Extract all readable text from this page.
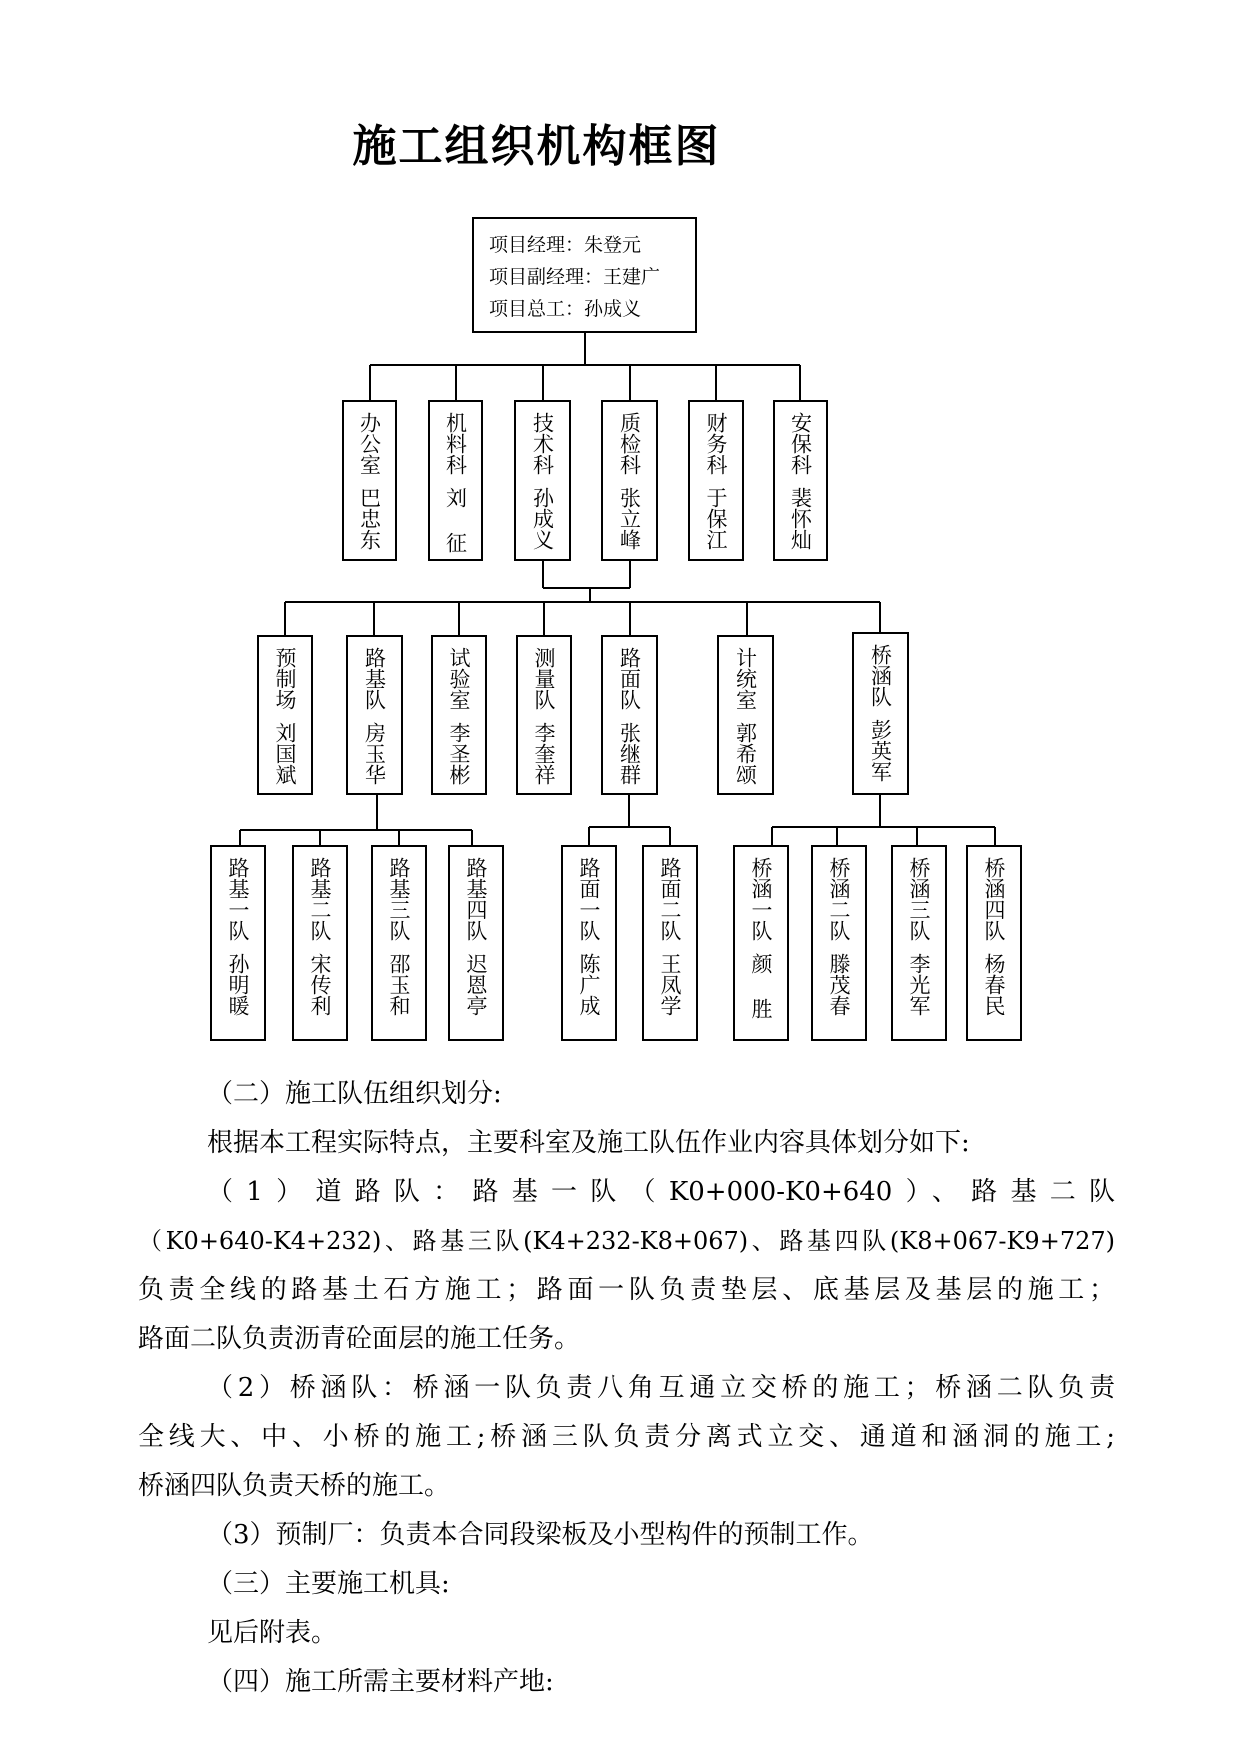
施工组织机构框图
项目经理：朱登元
项目副经理：王建广
项目总工：孙成义
办公室
巴忠东
机料科
刘 征
技术科
孙成义
质检科
张立峰
财务科
于保江
安保科
裴怀灿
预制场
刘国斌
路基队
房玉华
试验室
李圣彬
测量队
李奎祥
路面队
张继群
计统室
郭希颂
桥涵队
彭英军
路基一队
孙明暖
路基二队
宋传利
路基三队
邵玉和
路基四队
迟恩亭
路面一队
陈广成
路面二队
王凤学
桥涵一队
颜 胜
桥涵二队
滕茂春
桥涵三队
李光军
桥涵四队
杨春民

（二）施工队伍组织划分:

根据本工程实际特点，主要科室及施工队伍作业内容具体划分如下:

（1）道路队：路基一队（K0+000-K0+640）、路基二队

（K0+640-K4+232)、路基三队(K4+232-K8+067)、路基四队(K8+067-K9+727)

负责全线的路基土石方施工；路面一队负责垫层、底基层及基层的施工；

路面二队负责沥青砼面层的施工任务。

（2）桥涵队：桥涵一队负责八角互通立交桥的施工；桥涵二队负责

全线大、中、小桥的施工;桥涵三队负责分离式立交、通道和涵洞的施工;

桥涵四队负责天桥的施工。

（3）预制厂：负责本合同段梁板及小型构件的预制工作。

（三）主要施工机具:

见后附表。

（四）施工所需主要材料产地:
